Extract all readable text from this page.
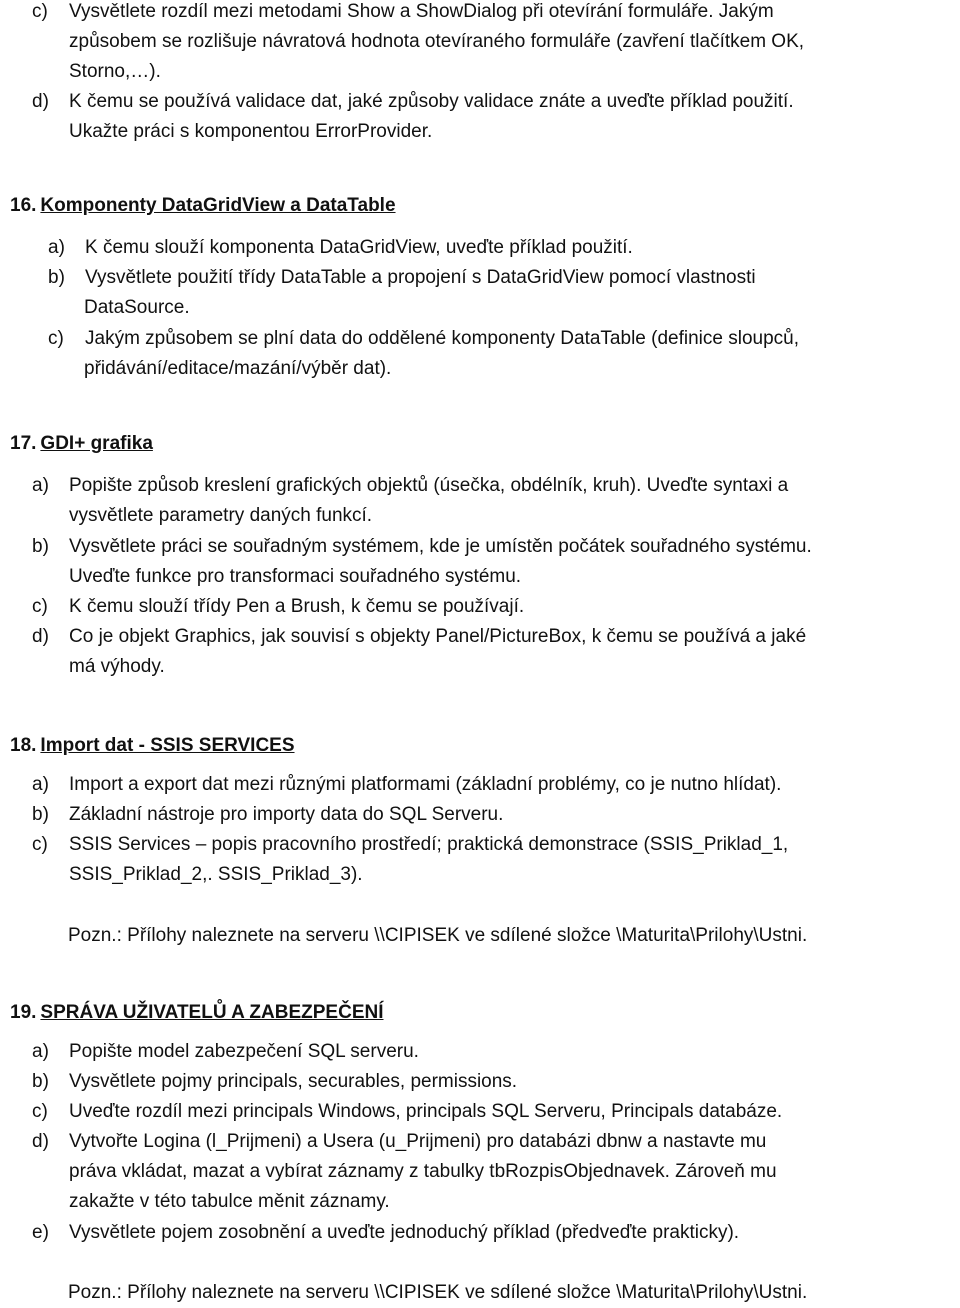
c) Vysvětlete rozdíl mezi metodami Show a ShowDialog při otevírání formuláře. Jakým
způsobem se rozlišuje návratová hodnota otevíraného formuláře (zavření tlačítkem OK,
Storno,…).
d) K čemu se používá validace dat, jaké způsoby validace znáte a uveďte příklad použití.
Ukažte práci s komponentou ErrorProvider.
16. Komponenty DataGridView a DataTable
a) K čemu slouží komponenta DataGridView, uveďte příklad použití.
b) Vysvětlete použití třídy DataTable a propojení s DataGridView pomocí vlastnosti
DataSource.
c) Jakým způsobem se plní data do oddělené komponenty DataTable (definice sloupců,
přidávání/editace/mazání/výběr dat).
17. GDI+ grafika
a) Popište způsob kreslení grafických objektů (úsečka, obdélník, kruh). Uveďte syntaxi a
vysvětlete parametry daných funkcí.
b) Vysvětlete práci se souřadným systémem, kde je umístěn počátek souřadného systému.
Uveďte funkce pro transformaci souřadného systému.
c) K čemu slouží třídy Pen a Brush, k čemu se používají.
d) Co je objekt Graphics, jak souvisí s objekty Panel/PictureBox, k čemu se používá a jaké
má výhody.
18. Import dat - SSIS SERVICES
a) Import a export dat mezi různými platformami (základní problémy, co je nutno hlídat).
b) Základní nástroje pro importy data do SQL Serveru.
c) SSIS Services – popis pracovního prostředí; praktická demonstrace (SSIS_Priklad_1,
SSIS_Priklad_2,. SSIS_Priklad_3).
Pozn.: Přílohy naleznete na serveru \\CIPISEK ve sdílené složce \Maturita\Prilohy\Ustni.
19. SPRÁVA UŽIVATELŮ A ZABEZPEČENÍ
a) Popište model zabezpečení SQL serveru.
b) Vysvětlete pojmy principals, securables, permissions.
c) Uveďte rozdíl mezi principals Windows, principals SQL Serveru, Principals databáze.
d) Vytvořte Logina (l_Prijmeni) a Usera (u_Prijmeni) pro databázi dbnw a nastavte mu
práva vkládat, mazat a vybírat záznamy z tabulky tbRozpisObjednavek. Zároveň mu
zakažte v této tabulce měnit záznamy.
e) Vysvětlete pojem zosobnění a uveďte jednoduchý příklad (předveďte prakticky).
Pozn.: Přílohy naleznete na serveru \\CIPISEK ve sdílené složce \Maturita\Prilohy\Ustni.
